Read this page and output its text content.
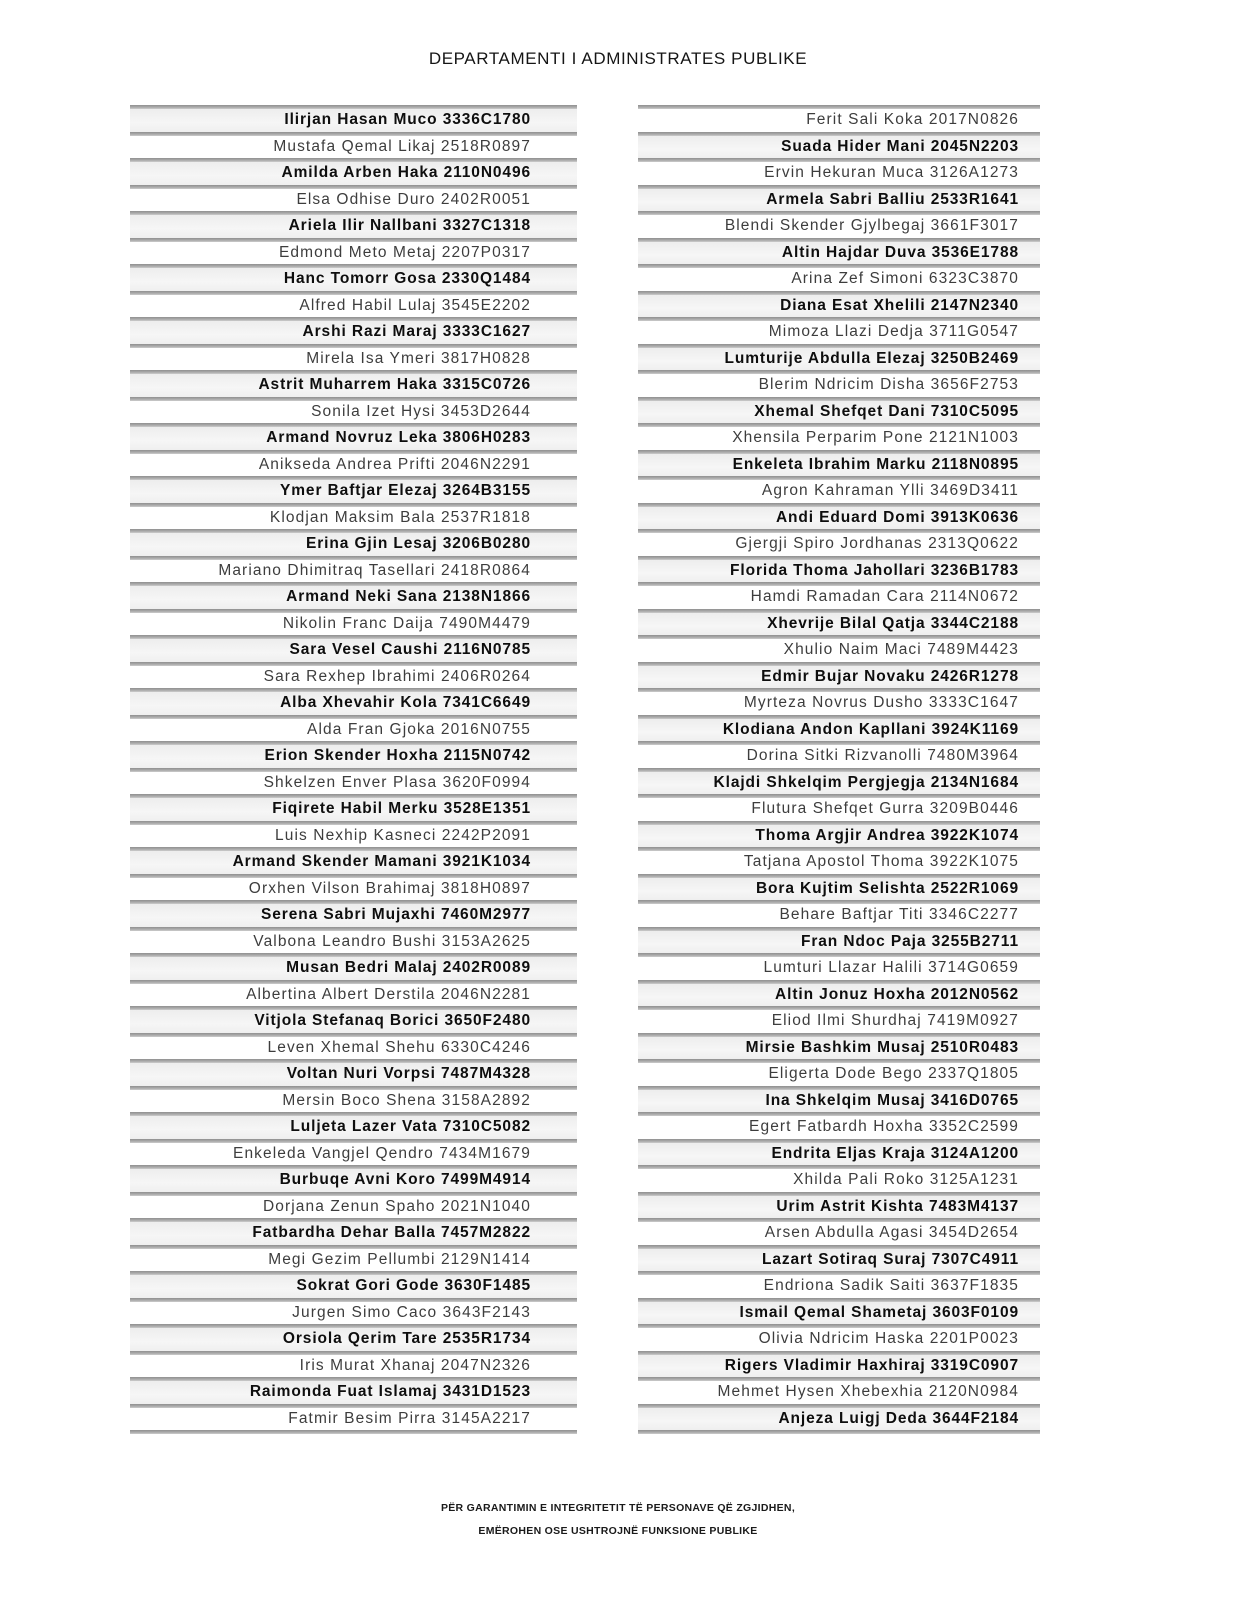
DEPARTAMENTI I ADMINISTRATES PUBLIKE
Ilirjan Hasan Muco 3336C1780
Mustafa Qemal Likaj 2518R0897
Amilda Arben Haka 2110N0496
Elsa Odhise Duro 2402R0051
Ariela Ilir Nallbani 3327C1318
Edmond Meto Metaj 2207P0317
Hanc Tomorr Gosa 2330Q1484
Alfred Habil Lulaj 3545E2202
Arshi Razi Maraj 3333C1627
Mirela Isa Ymeri 3817H0828
Astrit Muharrem Haka 3315C0726
Sonila Izet Hysi 3453D2644
Armand Novruz Leka 3806H0283
Anikseda Andrea Prifti 2046N2291
Ymer Baftjar Elezaj 3264B3155
Klodjan Maksim Bala 2537R1818
Erina Gjin Lesaj 3206B0280
Mariano Dhimitraq Tasellari 2418R0864
Armand Neki Sana 2138N1866
Nikolin Franc Daija 7490M4479
Sara Vesel Caushi 2116N0785
Sara Rexhep Ibrahimi 2406R0264
Alba Xhevahir Kola 7341C6649
Alda Fran Gjoka 2016N0755
Erion Skender Hoxha 2115N0742
Shkelzen Enver Plasa 3620F0994
Fiqirete Habil Merku 3528E1351
Luis Nexhip Kasneci 2242P2091
Armand Skender Mamani 3921K1034
Orxhen Vilson Brahimaj 3818H0897
Serena Sabri Mujaxhi 7460M2977
Valbona Leandro Bushi 3153A2625
Musan Bedri Malaj 2402R0089
Albertina Albert Derstila 2046N2281
Vitjola Stefanaq Borici 3650F2480
Leven Xhemal Shehu 6330C4246
Voltan Nuri Vorpsi 7487M4328
Mersin Boco Shena 3158A2892
Luljeta Lazer Vata 7310C5082
Enkeleda Vangjel Qendro 7434M1679
Burbuqe Avni Koro 7499M4914
Dorjana Zenun Spaho 2021N1040
Fatbardha Dehar Balla 7457M2822
Megi Gezim Pellumbi 2129N1414
Sokrat Gori Gode 3630F1485
Jurgen Simo Caco 3643F2143
Orsiola Qerim Tare 2535R1734
Iris Murat Xhanaj 2047N2326
Raimonda Fuat Islamaj 3431D1523
Fatmir Besim Pirra 3145A2217
Ferit Sali Koka 2017N0826
Suada Hider Mani 2045N2203
Ervin Hekuran Muca 3126A1273
Armela Sabri Balliu 2533R1641
Blendi Skender Gjylbegaj 3661F3017
Altin Hajdar Duva 3536E1788
Arina Zef Simoni 6323C3870
Diana Esat Xhelili 2147N2340
Mimoza Llazi Dedja 3711G0547
Lumturije Abdulla Elezaj 3250B2469
Blerim Ndricim Disha 3656F2753
Xhemal Shefqet Dani 7310C5095
Xhensila Perparim Pone 2121N1003
Enkeleta Ibrahim Marku 2118N0895
Agron Kahraman Ylli 3469D3411
Andi Eduard Domi 3913K0636
Gjergji Spiro Jordhanas 2313Q0622
Florida Thoma Jahollari 3236B1783
Hamdi Ramadan Cara 2114N0672
Xhevrije Bilal Qatja 3344C2188
Xhulio Naim Maci 7489M4423
Edmir Bujar Novaku 2426R1278
Myrteza Novrus Dusho 3333C1647
Klodiana Andon Kapllani 3924K1169
Dorina Sitki Rizvanolli 7480M3964
Klajdi Shkelqim Pergjegja 2134N1684
Flutura Shefqet Gurra 3209B0446
Thoma Argjir Andrea 3922K1074
Tatjana Apostol Thoma 3922K1075
Bora Kujtim Selishta 2522R1069
Behare Baftjar Titi 3346C2277
Fran Ndoc Paja 3255B2711
Lumturi Llazar Halili 3714G0659
Altin Jonuz Hoxha 2012N0562
Eliod Ilmi Shurdhaj 7419M0927
Mirsie Bashkim Musaj 2510R0483
Eligerta Dode Bego 2337Q1805
Ina Shkelqim Musaj 3416D0765
Egert Fatbardh Hoxha 3352C2599
Endrita Eljas Kraja 3124A1200
Xhilda Pali Roko 3125A1231
Urim Astrit Kishta 7483M4137
Arsen Abdulla Agasi 3454D2654
Lazart Sotiraq Suraj 7307C4911
Endriona Sadik Saiti 3637F1835
Ismail Qemal Shametaj 3603F0109
Olivia Ndricim Haska 2201P0023
Rigers Vladimir Haxhiraj 3319C0907
Mehmet Hysen Xhebexhia 2120N0984
Anjeza Luigj Deda 3644F2184
PËR GARANTIMIN E INTEGRITETIT TË PERSONAVE QË ZGJIDHEN,
EMËROHEN OSE USHTROJNË FUNKSIONE PUBLIKE
